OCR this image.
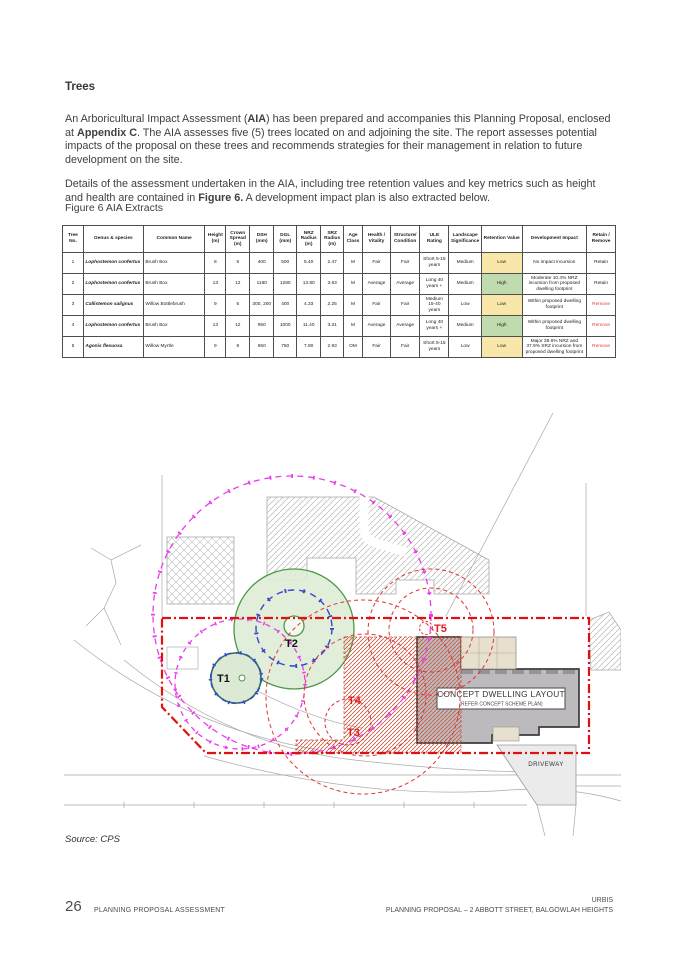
Trees

An Arboricultural Impact Assessment (AIA) has been prepared and accompanies this Planning Proposal, enclosed at Appendix C. The AIA assesses five (5) trees located on and adjoining the site. The report assesses potential impacts of the proposal on these trees and recommends strategies for their management in relation to future development on the site.

Details of the assessment undertaken in the AIA, including tree retention values and key metrics such as height and health are contained in Figure 6. A development impact plan is also extracted below.

Figure 6 AIA Extracts
Tree No.	Genus & species	Common Name	Height (m)	Crown Spread (m)	DSH (mm)	DGL (mm)	NRZ Radius (m)	SRZ Radius (m)	Age Class	Health / Vitality	Structure/ Condition	ULE Rating	Landscape Significance	Retention Value	Development Impact	Retain / Remove
1	Lophostemon confertus	Brush Box	8	5	400	500	5.40	2.47	M	Fair	Fair	Short 5-15 years	Medium	Low	No impact incursion	Retain
2	Lophostemon confertus	Brush Box	13	12	1160	1280	13.80	3.63	M	Average	Average	Long 40 years +	Medium	High	Moderate 10.4% NRZ incursion from proposed dwelling footprint	Retain
3	Callistemon salignus	Willow Bottlebrush	9	5	300, 200	400	4.33	2.25	M	Fair	Fair	Medium 15-40 years	Low	Low	Within proposed dwelling footprint	Remove
4	Lophostemon confertus	Brush Box	13	12	950	1000	11.40	3.31	M	Average	Average	Long 40 years +	Medium	High	Within proposed dwelling footprint	Remove
5	Agonis flexuosa	Willow Myrtle	9	8	650	750	7.80	2.93	OM	Fair	Fair	Short 5-15 years	Low	Low	Major 38.6% NRZ and 37.9% SRZ incursion from proposed dwelling footprint	Remove
CONCEPT DWELLING LAYOUT
(REFER CONCEPT SCHEME PLAN)
DRIVEWAY
T1
T2
T3
T4
T5
Source: CPS
26 PLANNING PROPOSAL ASSESSMENT
URBIS
PLANNING PROPOSAL – 2 ABBOTT STREET, BALGOWLAH HEIGHTS
